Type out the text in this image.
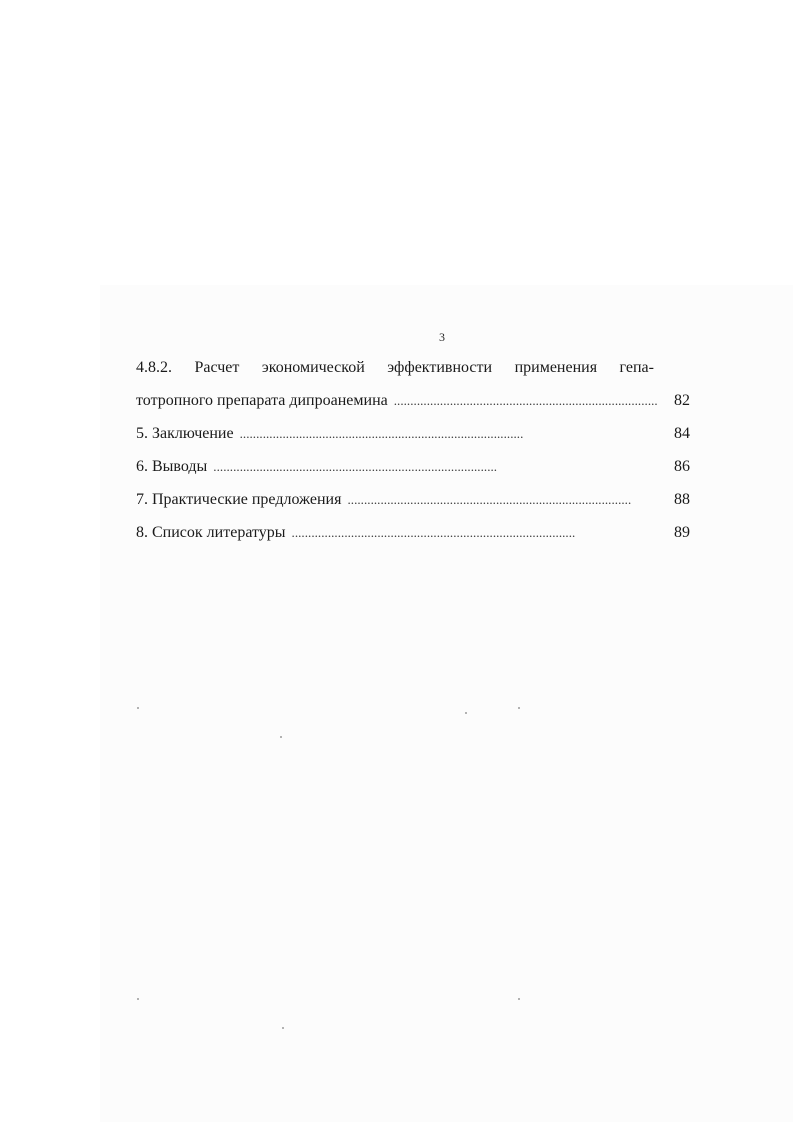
3
4.8.2. Расчет экономической эффективности применения гепа-
тотропного препарата дипроанемина . . .	82
5. Заключение . . .	84
6. Выводы . . .	86
7. Практические предложения . . .	88
8. Список литературы . . .	89
